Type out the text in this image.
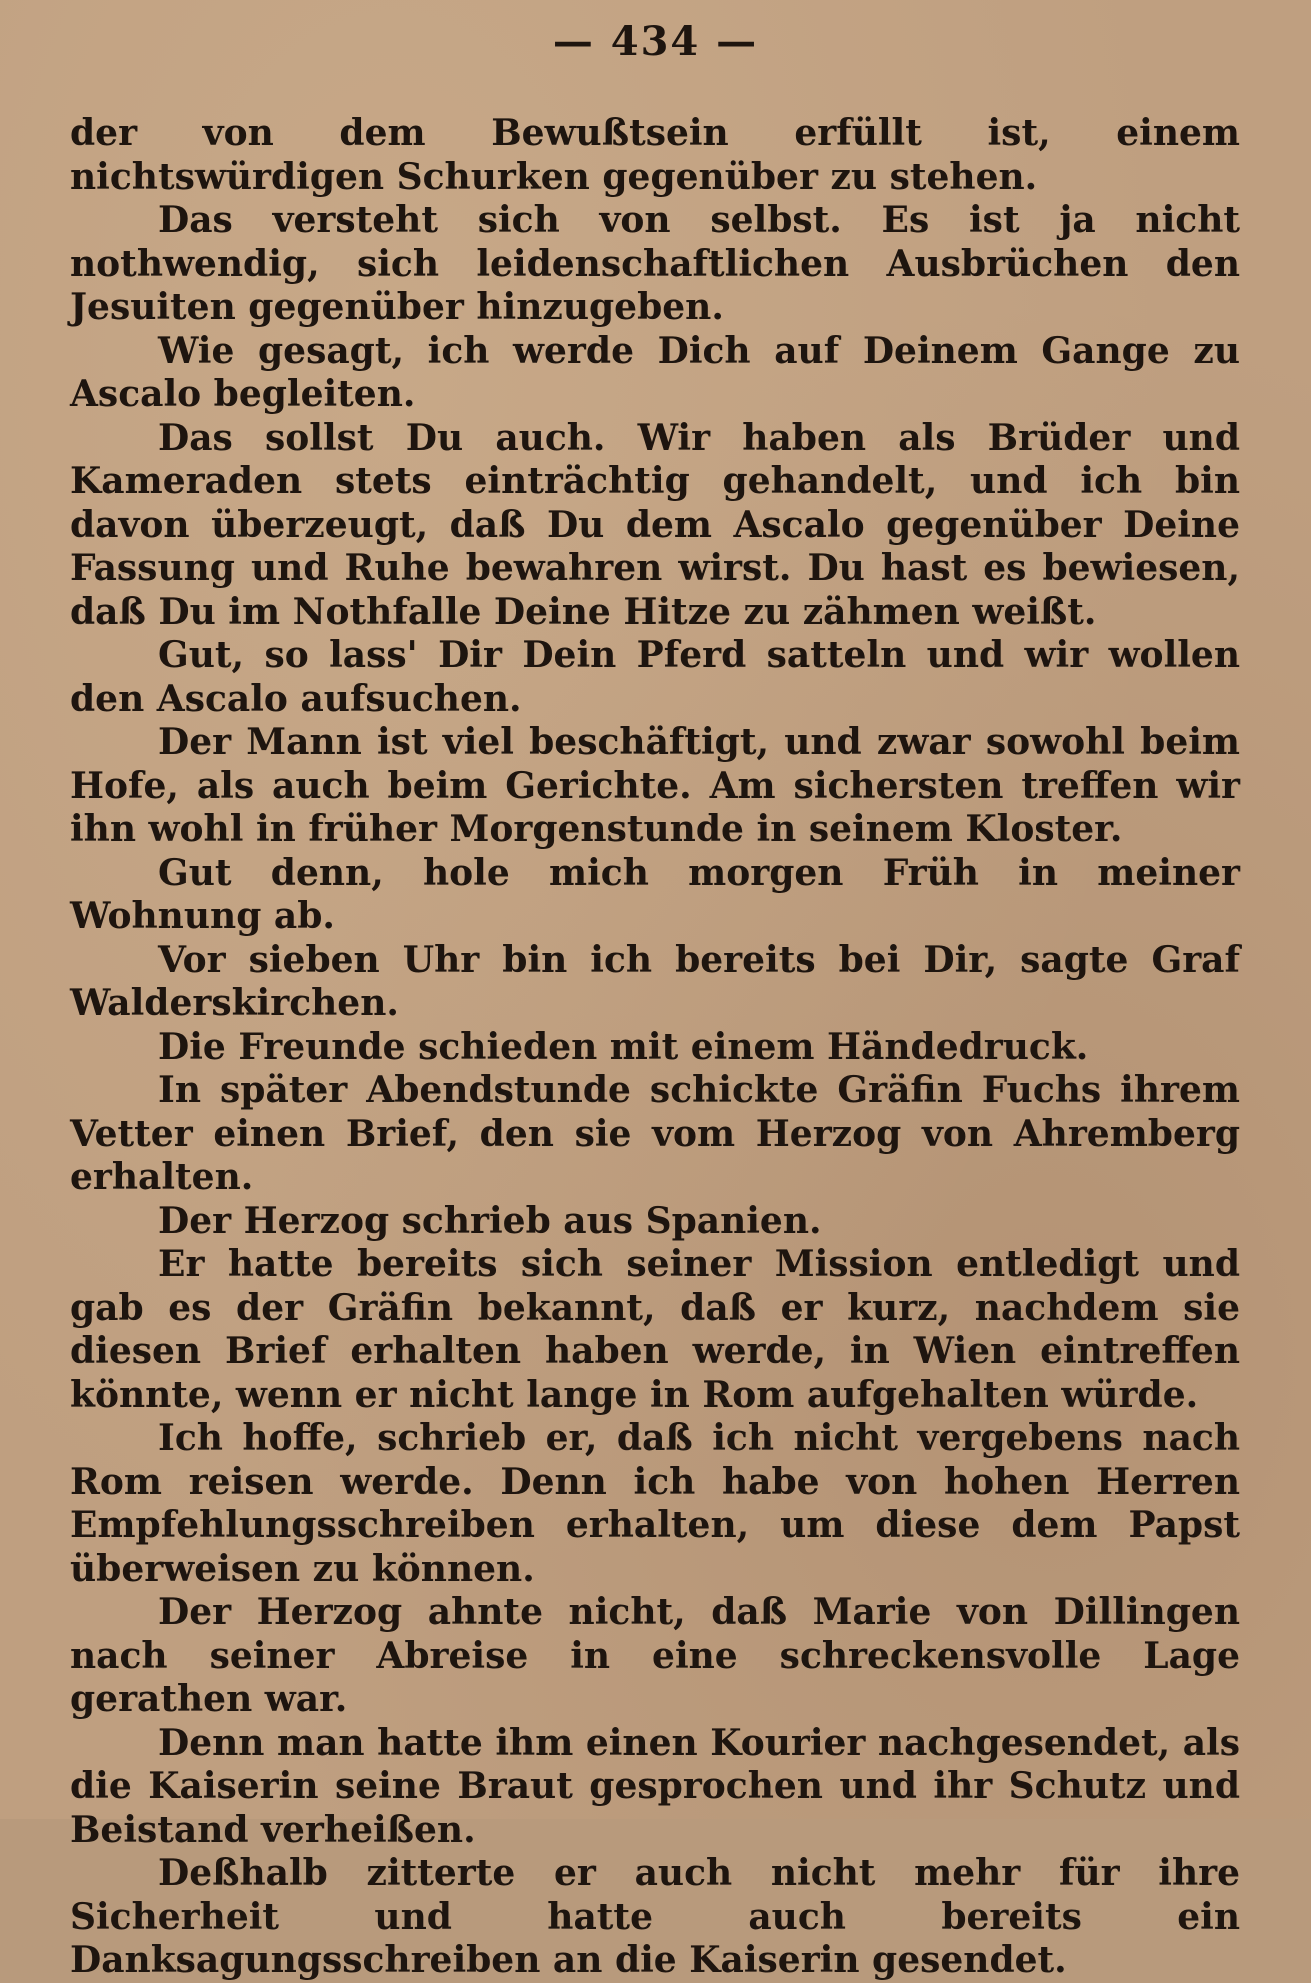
— 434 —

der von dem Bewußtsein erfüllt ist, einem nichtswürdigen Schurken gegenüber zu stehen.

Das versteht sich von selbst. Es ist ja nicht nothwendig, sich leidenschaftlichen Ausbrüchen den Jesuiten gegenüber hinzugeben.

Wie gesagt, ich werde Dich auf Deinem Gange zu Ascalo begleiten.

Das sollst Du auch. Wir haben als Brüder und Kameraden stets einträchtig gehandelt, und ich bin davon überzeugt, daß Du dem Ascalo gegenüber Deine Fassung und Ruhe bewahren wirst. Du hast es bewiesen, daß Du im Nothfalle Deine Hitze zu zähmen weißt.

Gut, so lass' Dir Dein Pferd satteln und wir wollen den Ascalo aufsuchen.

Der Mann ist viel beschäftigt, und zwar sowohl beim Hofe, als auch beim Gerichte. Am sichersten treffen wir ihn wohl in früher Morgenstunde in seinem Kloster.

Gut denn, hole mich morgen Früh in meiner Wohnung ab.

Vor sieben Uhr bin ich bereits bei Dir, sagte Graf Walderskirchen.

Die Freunde schieden mit einem Händedruck.

In später Abendstunde schickte Gräfin Fuchs ihrem Vetter einen Brief, den sie vom Herzog von Ahremberg erhalten.

Der Herzog schrieb aus Spanien.

Er hatte bereits sich seiner Mission entledigt und gab es der Gräfin bekannt, daß er kurz, nachdem sie diesen Brief erhalten haben werde, in Wien eintreffen könnte, wenn er nicht lange in Rom aufgehalten würde.

Ich hoffe, schrieb er, daß ich nicht vergebens nach Rom reisen werde. Denn ich habe von hohen Herren Empfehlungsschreiben erhalten, um diese dem Papst überweisen zu können.

Der Herzog ahnte nicht, daß Marie von Dillingen nach seiner Abreise in eine schreckensvolle Lage gerathen war.

Denn man hatte ihm einen Kourier nachgesendet, als die Kaiserin seine Braut gesprochen und ihr Schutz und Beistand verheißen.

Deßhalb zitterte er auch nicht mehr für ihre Sicherheit und hatte auch bereits ein Danksagungsschreiben an die Kaiserin gesendet.
